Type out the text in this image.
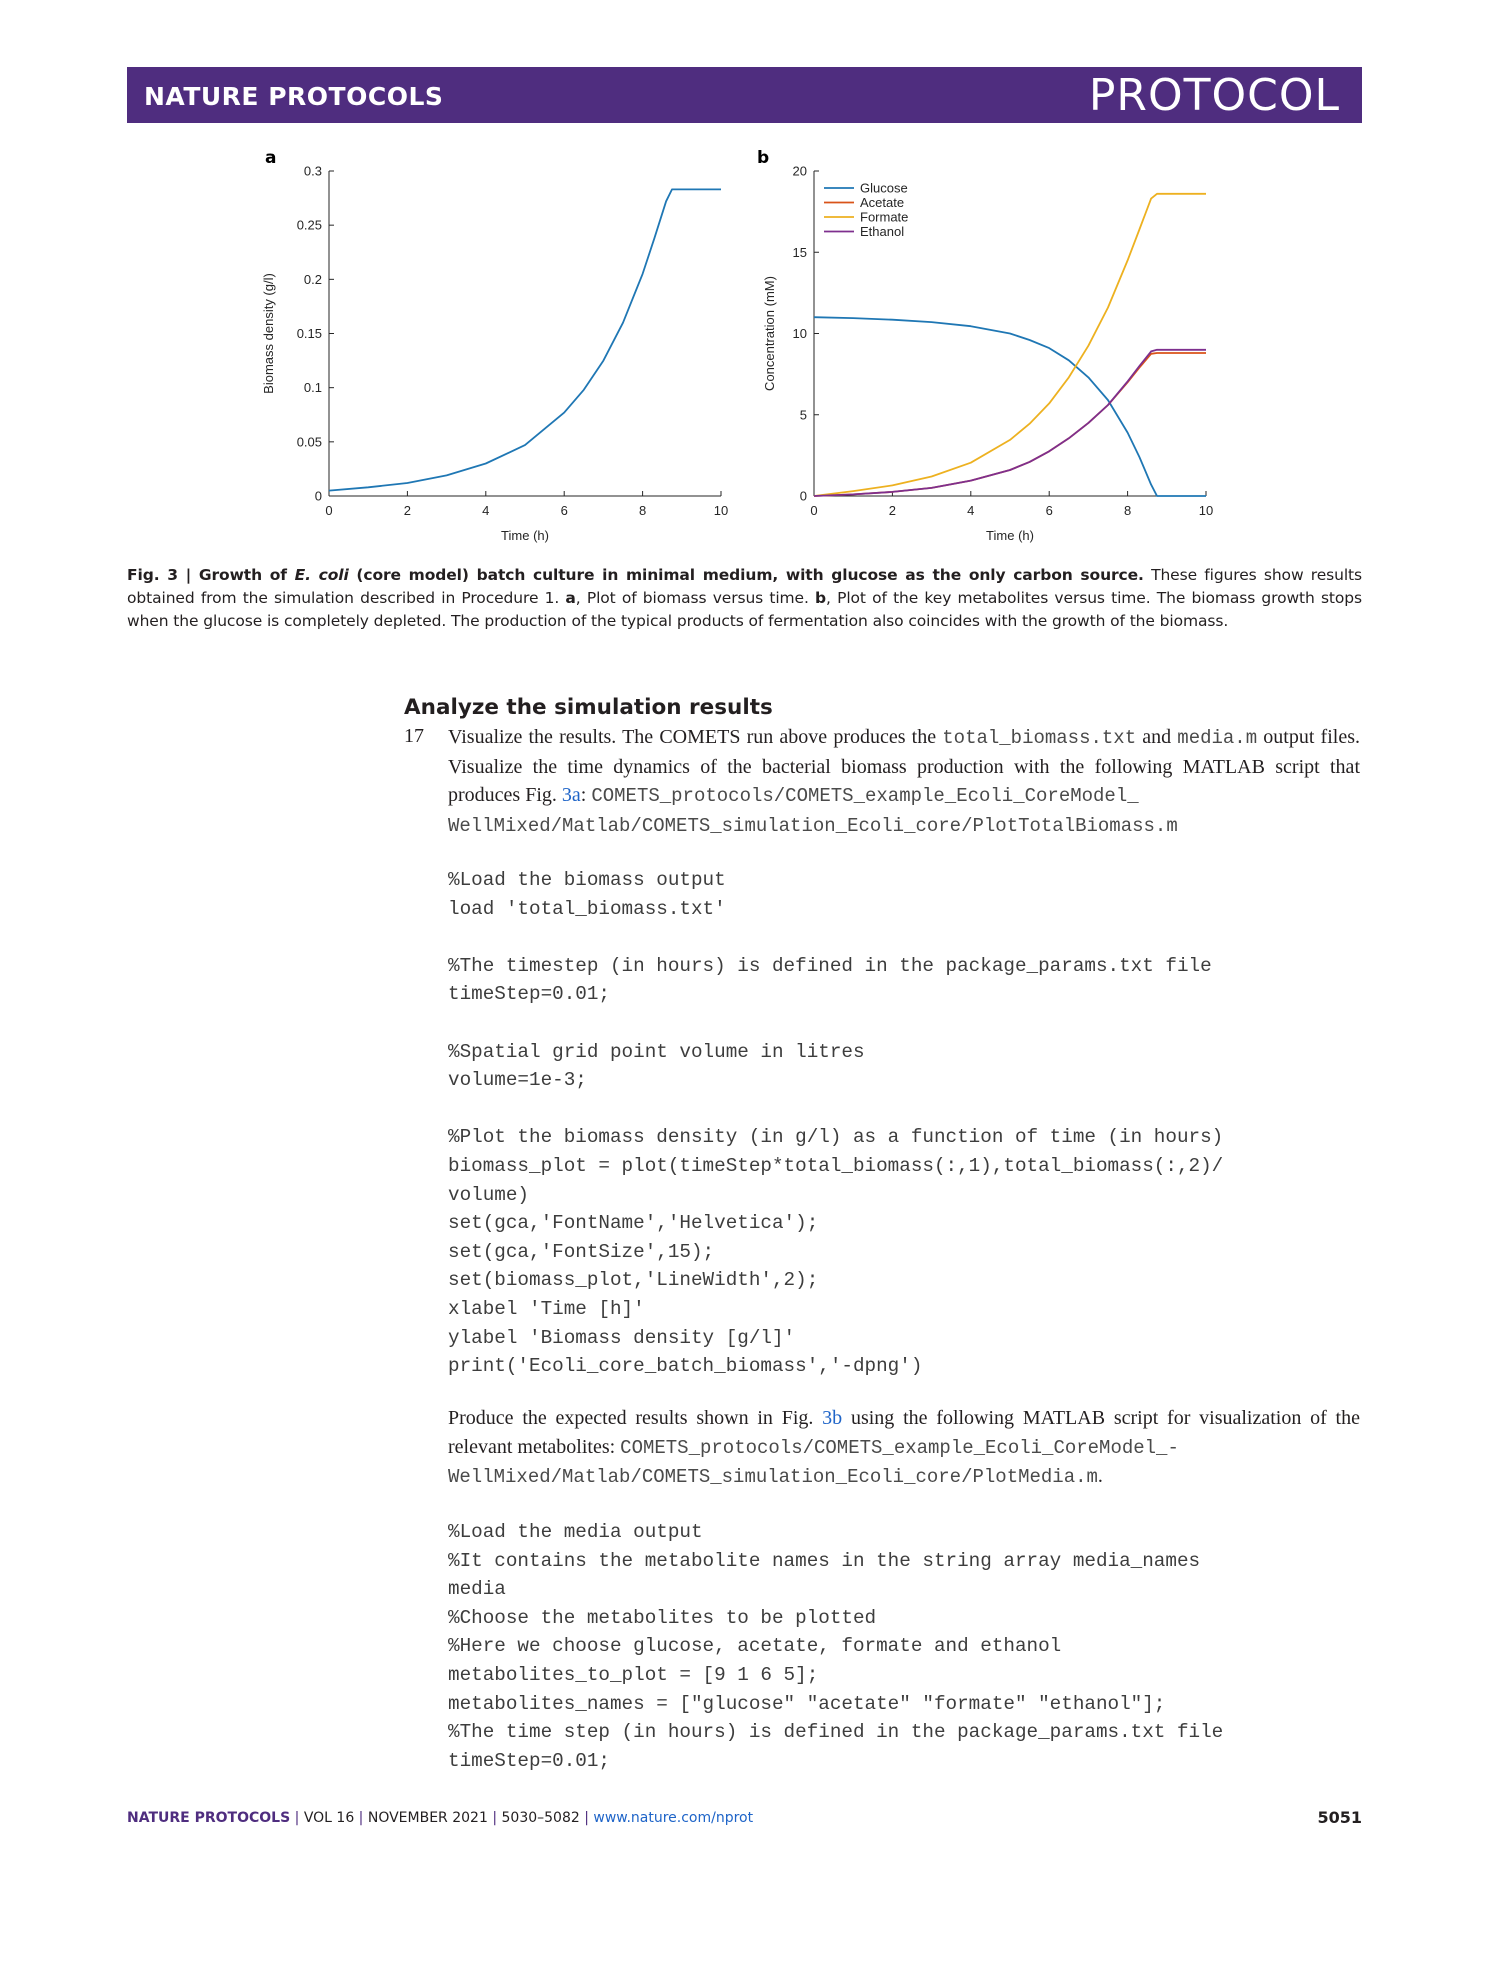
NATURE PROTOCOLS	PROTOCOL
a	b
0	2	4	6	8	10
0
0.05
0.1
0.15
0.2
0.25
0.3
Time (h)
Biomass density (g/l)
0	2	4	6	8	10
0
5
10
15
20
Time (h)
Concentration (mM)
Glucose
Acetate
Formate
Ethanol
Fig. 3 | Growth of E. coli (core model) batch culture in minimal medium, with glucose as the only carbon source. These figures show results obtained from the simulation described in Procedure 1. a, Plot of biomass versus time. b, Plot of the key metabolites versus time. The biomass growth stops when the glucose is completely depleted. The production of the typical products of fermentation also coincides with the growth of the biomass.
Analyze the simulation results
17 Visualize the results. The COMETS run above produces the total_biomass.txt and media.m output files. Visualize the time dynamics of the bacterial biomass production with the following MATLAB script that produces Fig. 3a: COMETS_protocols/COMETS_example_Ecoli_CoreModel_
WellMixed/Matlab/COMETS_simulation_Ecoli_core/PlotTotalBiomass.m
%Load the biomass output
load 'total_biomass.txt'
%The timestep (in hours) is defined in the package_params.txt file
timeStep=0.01;
%Spatial grid point volume in litres
volume=1e-3;
%Plot the biomass density (in g/l) as a function of time (in hours)
biomass_plot = plot(timeStep*total_biomass(:,1),total_biomass(:,2)/
volume)
set(gca,'FontName','Helvetica');
set(gca,'FontSize',15);
set(biomass_plot,'LineWidth',2);
xlabel 'Time [h]'
ylabel 'Biomass density [g/l]'
print('Ecoli_core_batch_biomass','-dpng')
Produce the expected results shown in Fig. 3b using the following MATLAB script for visualization of the relevant metabolites: COMETS_protocols/COMETS_example_Ecoli_CoreModel_-
WellMixed/Matlab/COMETS_simulation_Ecoli_core/PlotMedia.m.
%Load the media output
%It contains the metabolite names in the string array media_names
media
%Choose the metabolites to be plotted
%Here we choose glucose, acetate, formate and ethanol
metabolites_to_plot = [9 1 6 5];
metabolites_names = ["glucose" "acetate" "formate" "ethanol"];
%The time step (in hours) is defined in the package_params.txt file
timeStep=0.01;
NATURE PROTOCOLS | VOL 16 | NOVEMBER 2021 | 5030–5082 | www.nature.com/nprot	5051
